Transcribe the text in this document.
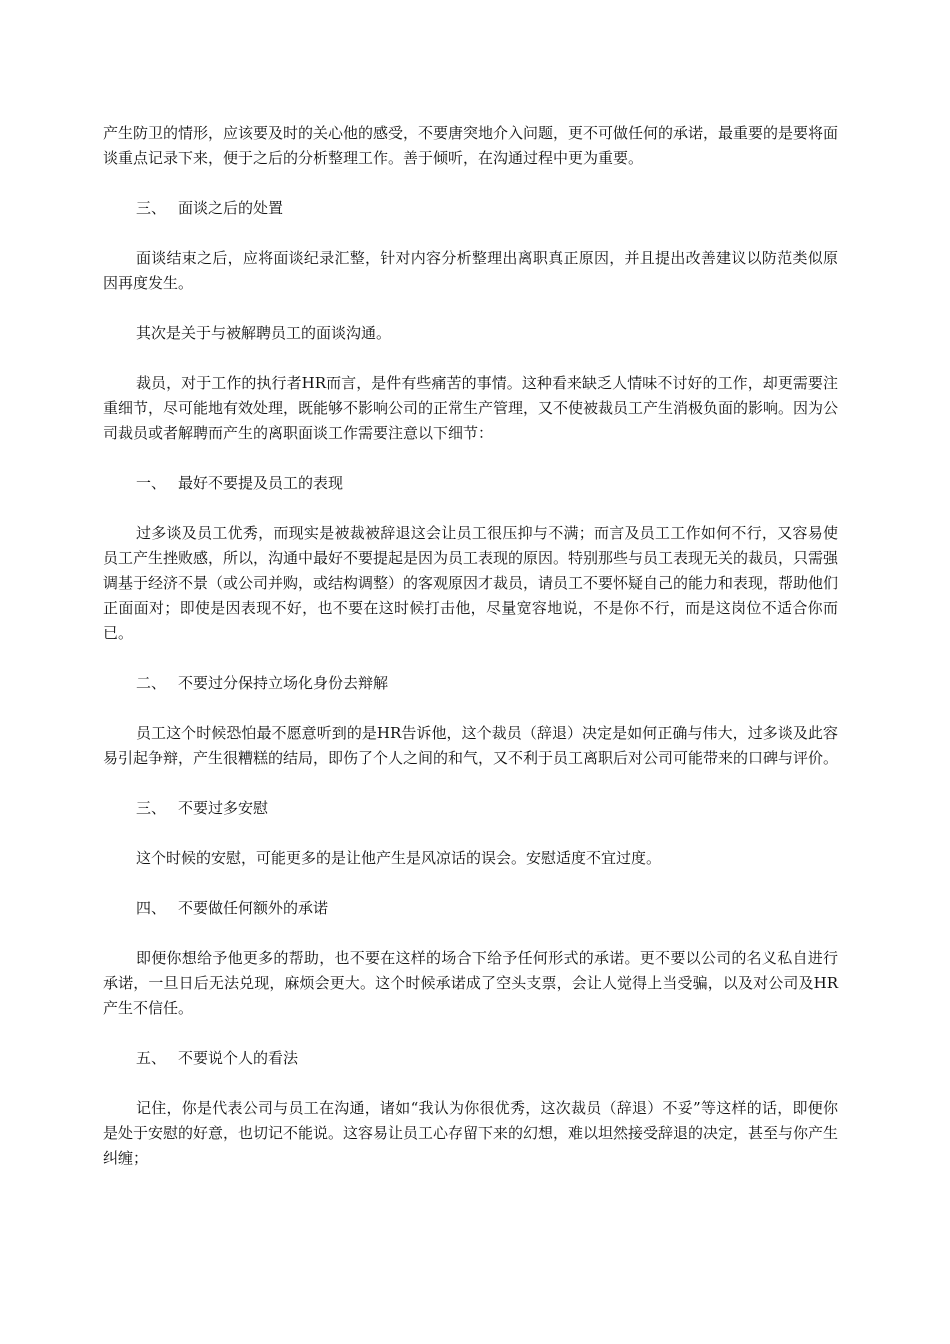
产生防卫的情形，应该要及时的关心他的感受，不要唐突地介入问题，更不可做任何的承诺，最重要的是要将面谈重点记录下来，便于之后的分析整理工作。善于倾听，在沟通过程中更为重要。

三、 面谈之后的处置

面谈结束之后，应将面谈纪录汇整，针对内容分析整理出离职真正原因，并且提出改善建议以防范类似原因再度发生。

其次是关于与被解聘员工的面谈沟通。

裁员，对于工作的执行者HR而言，是件有些痛苦的事情。这种看来缺乏人情味不讨好的工作，却更需要注重细节，尽可能地有效处理，既能够不影响公司的正常生产管理，又不使被裁员工产生消极负面的影响。因为公司裁员或者解聘而产生的离职面谈工作需要注意以下细节：

一、 最好不要提及员工的表现

过多谈及员工优秀，而现实是被裁被辞退这会让员工很压抑与不满；而言及员工工作如何不行，又容易使员工产生挫败感，所以，沟通中最好不要提起是因为员工表现的原因。特别那些与员工表现无关的裁员，只需强调基于经济不景（或公司并购，或结构调整）的客观原因才裁员，请员工不要怀疑自己的能力和表现，帮助他们正面面对；即使是因表现不好，也不要在这时候打击他，尽量宽容地说，不是你不行，而是这岗位不适合你而已。

二、 不要过分保持立场化身份去辩解

员工这个时候恐怕最不愿意听到的是HR告诉他，这个裁员（辞退）决定是如何正确与伟大，过多谈及此容易引起争辩，产生很糟糕的结局，即伤了个人之间的和气，又不利于员工离职后对公司可能带来的口碑与评价。

三、 不要过多安慰

这个时候的安慰，可能更多的是让他产生是风凉话的误会。安慰适度不宜过度。

四、 不要做任何额外的承诺

即便你想给予他更多的帮助，也不要在这样的场合下给予任何形式的承诺。更不要以公司的名义私自进行承诺，一旦日后无法兑现，麻烦会更大。这个时候承诺成了空头支票，会让人觉得上当受骗，以及对公司及HR产生不信任。

五、 不要说个人的看法

记住，你是代表公司与员工在沟通，诸如“我认为你很优秀，这次裁员（辞退）不妥”等这样的话，即便你是处于安慰的好意，也切记不能说。这容易让员工心存留下来的幻想，难以坦然接受辞退的决定，甚至与你产生纠缠；
